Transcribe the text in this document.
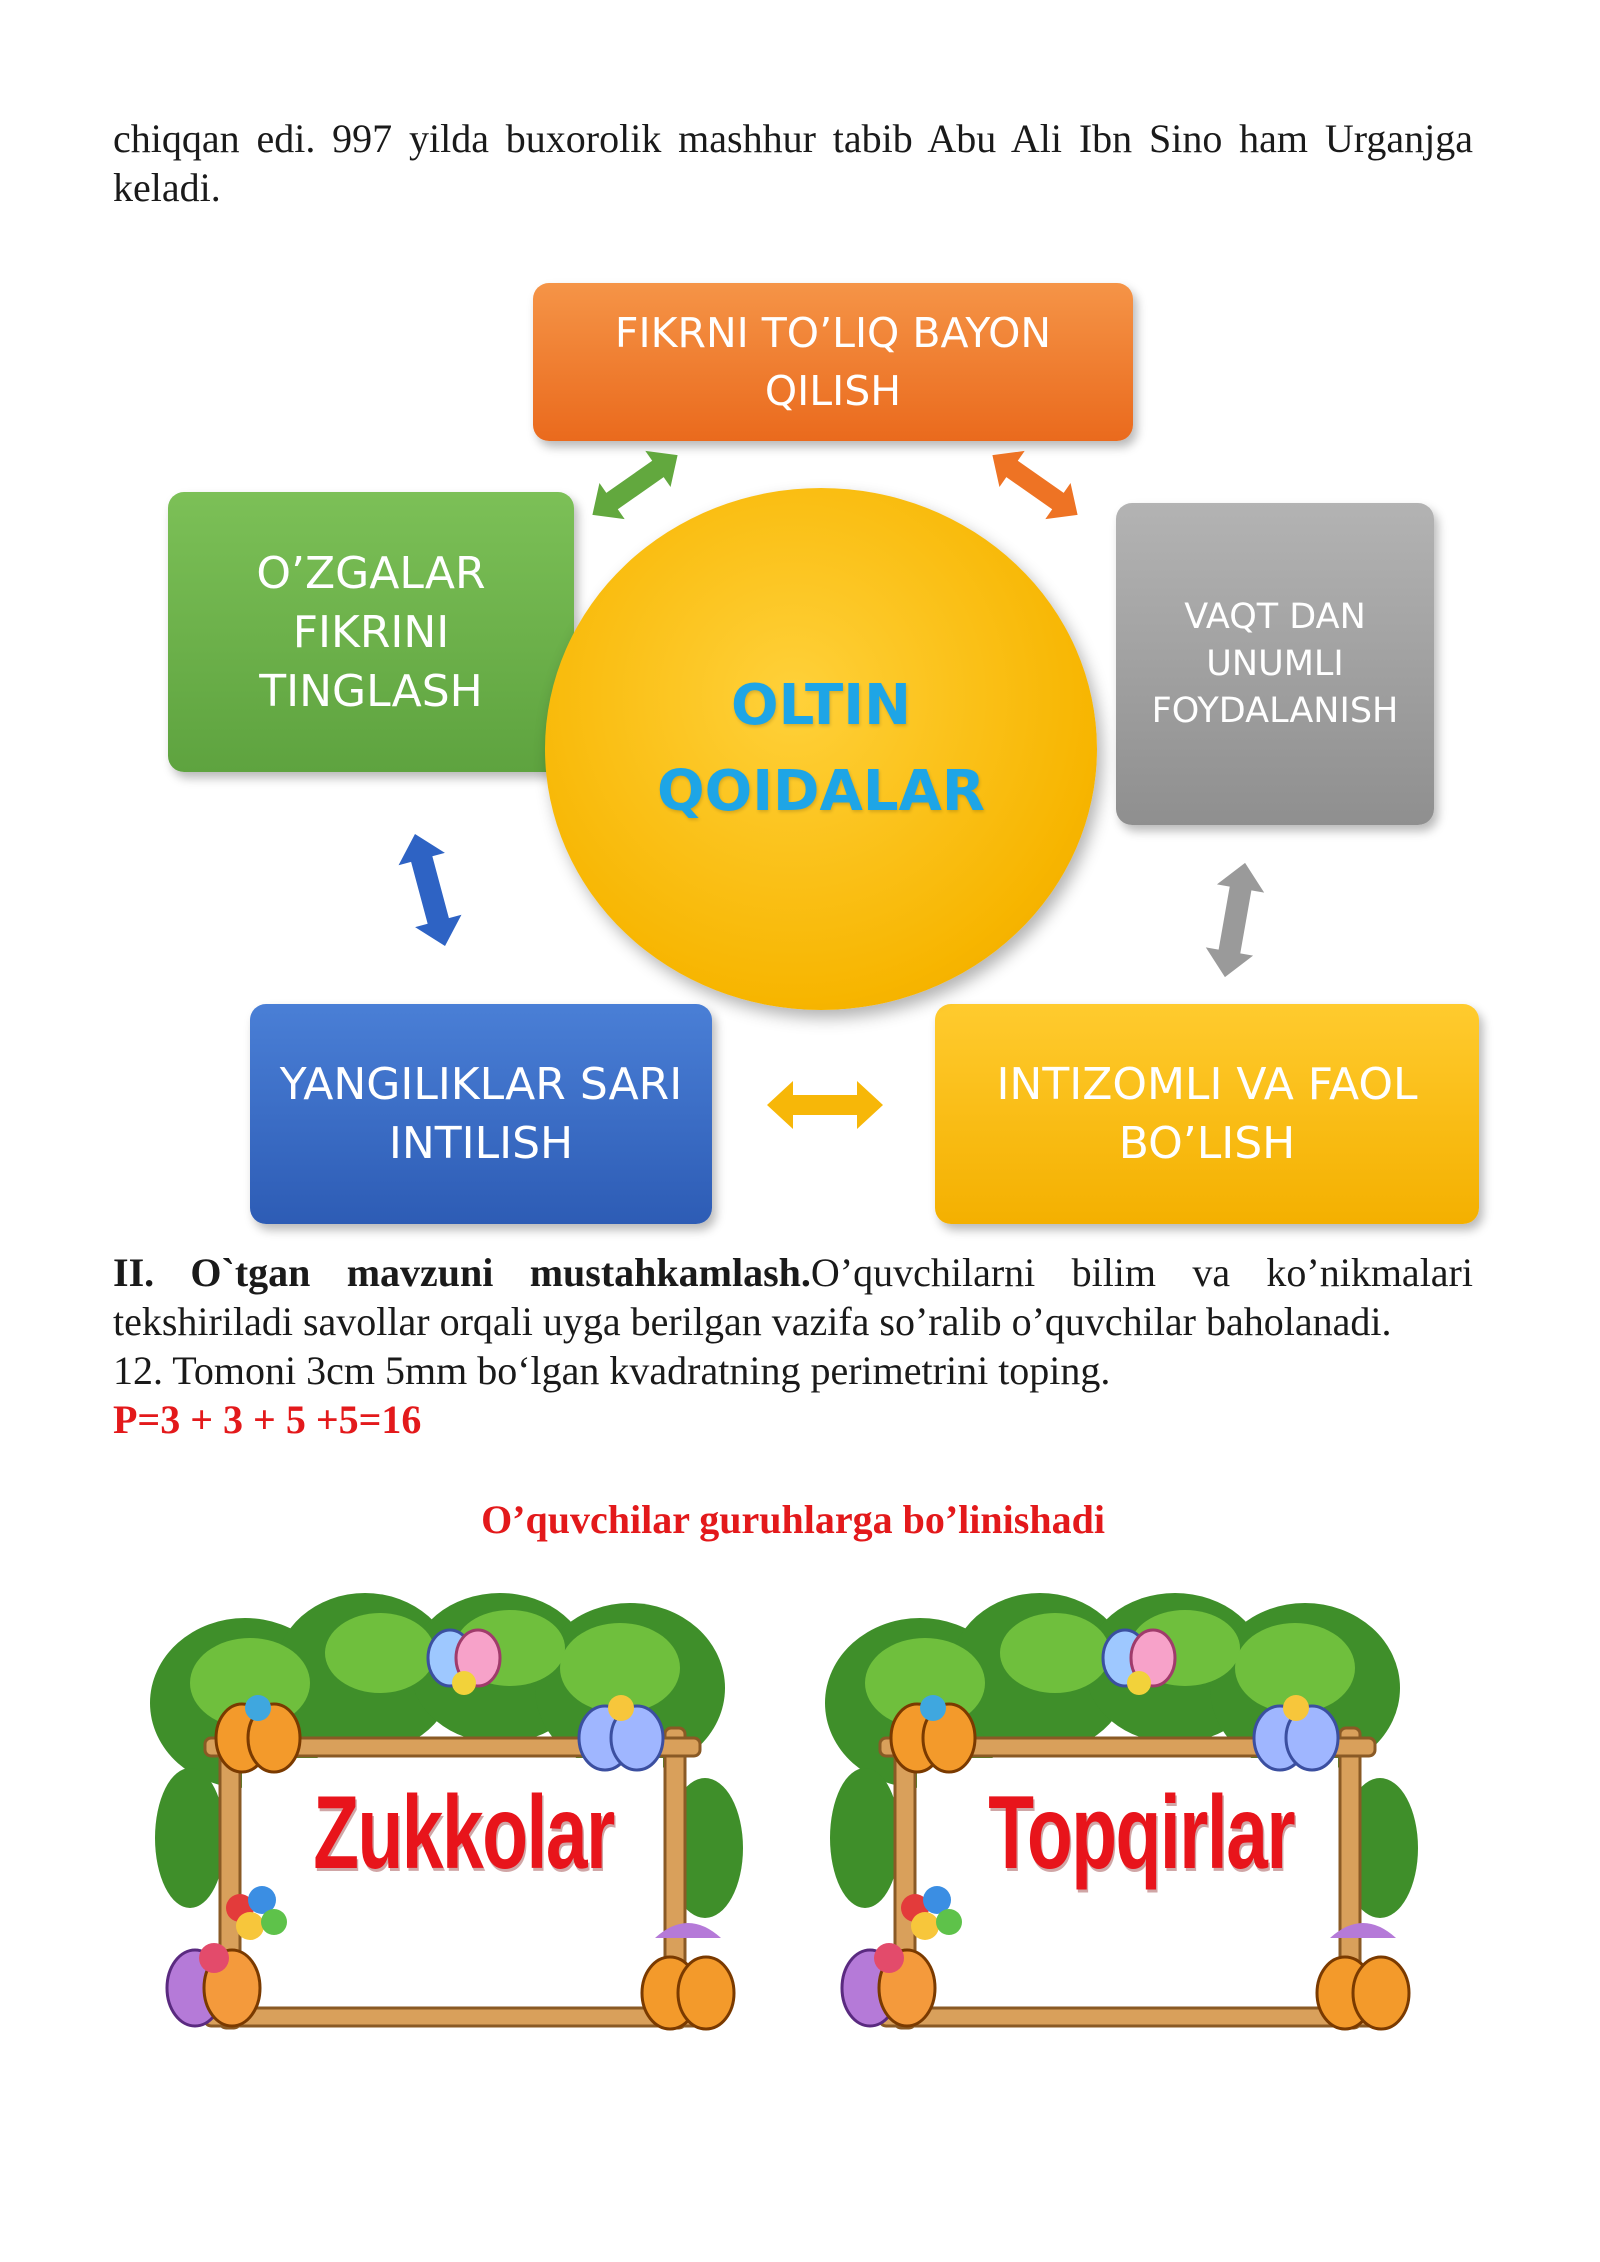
chiqqan edi. 997 yilda buxorolik mashhur tabib Abu Ali Ibn Sino ham Urganjga keladi.
FIKRNI TO’LIQ BAYON
QILISH
O’ZGALAR
FIKRINI
TINGLASH
VAQT DAN
UNUMLI
FOYDALANISH
YANGILIKLAR SARI
INTILISH
INTIZOMLI VA FAOL
BO’LISH
OLTIN
QOIDALAR
II. O`tgan mavzuni mustahkamlash.O’quvchilarni bilim va ko’nikmalari tekshiriladi savollar orqali uyga berilgan vazifa so’ralib o’quvchilar baholanadi.
12. Tomoni 3cm 5mm bo‘lgan kvadratning perimetrini toping.
P=3 + 3 + 5 +5=16
O’quvchilar guruhlarga bo’linishadi
Zukkolar	Topqirlar
